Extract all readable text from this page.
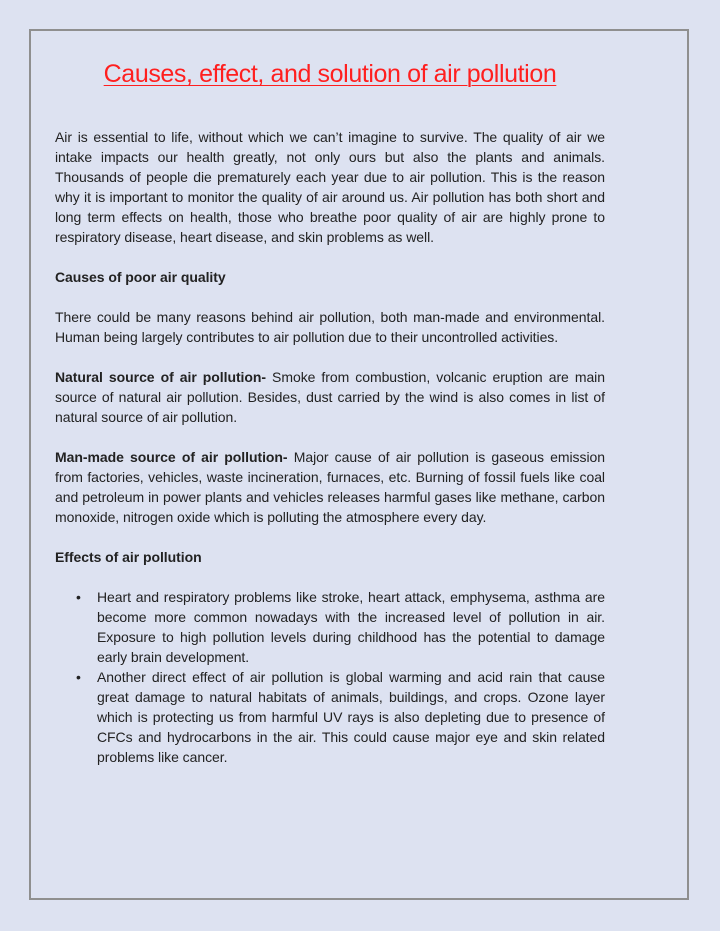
Causes, effect, and solution of air pollution

Air is essential to life, without which we can’t imagine to survive. The quality of air we intake impacts our health greatly, not only ours but also the plants and animals. Thousands of people die prematurely each year due to air pollution. This is the reason why it is important to monitor the quality of air around us. Air pollution has both short and long term effects on health, those who breathe poor quality of air are highly prone to respiratory disease, heart disease, and skin problems as well.

Causes of poor air quality

There could be many reasons behind air pollution, both man-made and environmental. Human being largely contributes to air pollution due to their uncontrolled activities.

Natural source of air pollution- Smoke from combustion, volcanic eruption are main source of natural air pollution. Besides, dust carried by the wind is also comes in list of natural source of air pollution.

Man-made source of air pollution- Major cause of air pollution is gaseous emission from factories, vehicles, waste incineration, furnaces, etc. Burning of fossil fuels like coal and petroleum in power plants and vehicles releases harmful gases like methane, carbon monoxide, nitrogen oxide which is polluting the atmosphere every day.

Effects of air pollution
• Heart and respiratory problems like stroke, heart attack, emphysema, asthma are become more common nowadays with the increased level of pollution in air. Exposure to high pollution levels during childhood has the potential to damage early brain development.
• Another direct effect of air pollution is global warming and acid rain that cause great damage to natural habitats of animals, buildings, and crops. Ozone layer which is protecting us from harmful UV rays is also depleting due to presence of CFCs and hydrocarbons in the air. This could cause major eye and skin related problems like cancer.
